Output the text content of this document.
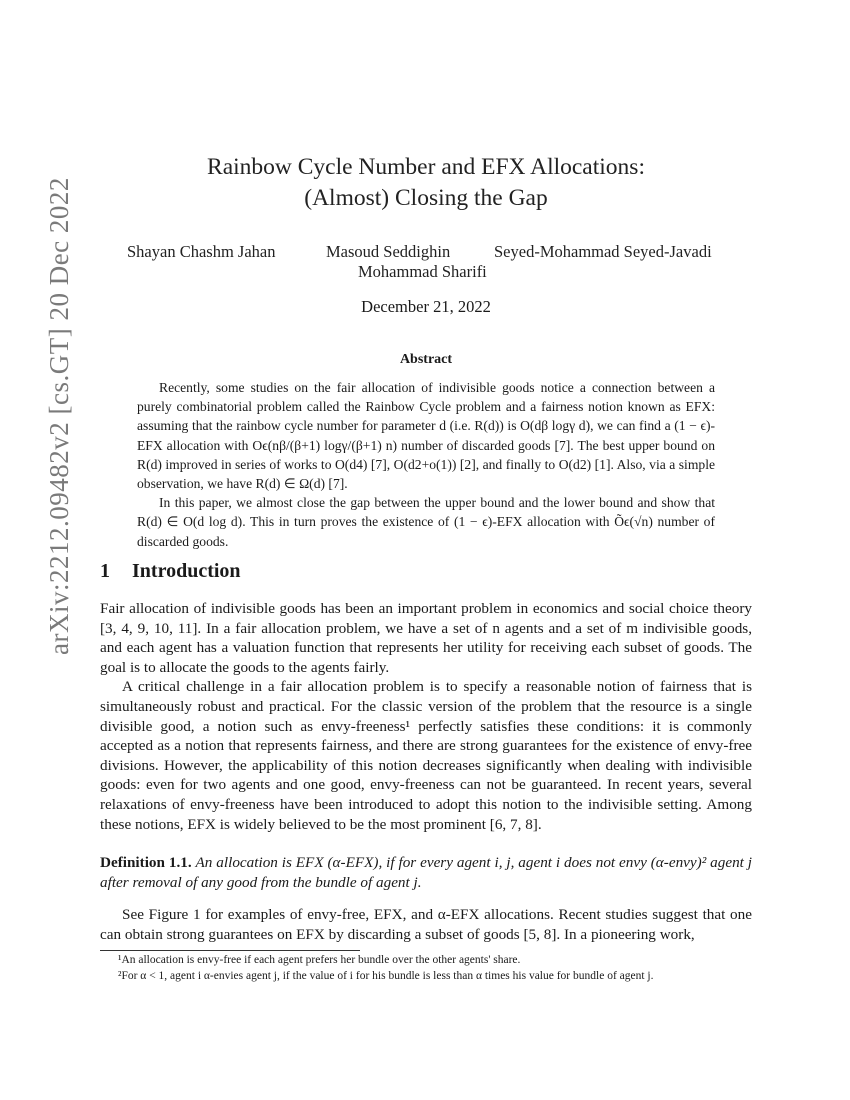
arXiv:2212.09482v2 [cs.GT] 20 Dec 2022
Rainbow Cycle Number and EFX Allocations:
(Almost) Closing the Gap
Shayan Chashm Jahan	Masoud Seddighin	Seyed-Mohammad Seyed-Javadi
Mohammad Sharifi
December 21, 2022
Abstract

Recently, some studies on the fair allocation of indivisible goods notice a connection between a purely combinatorial problem called the Rainbow Cycle problem and a fairness notion known as EFX: assuming that the rainbow cycle number for parameter d (i.e. R(d)) is O(dβ logγ d), we can find a (1 − ϵ)-EFX allocation with Oϵ(nβ/(β+1) logγ/(β+1) n) number of discarded goods [7]. The best upper bound on R(d) improved in series of works to O(d4) [7], O(d2+o(1)) [2], and finally to O(d2) [1]. Also, via a simple observation, we have R(d) ∈ Ω(d) [7].

In this paper, we almost close the gap between the upper bound and the lower bound and show that R(d) ∈ O(d log d). This in turn proves the existence of (1 − ϵ)-EFX allocation with Õϵ(√n) number of discarded goods.

1 Introduction

Fair allocation of indivisible goods has been an important problem in economics and social choice theory [3, 4, 9, 10, 11]. In a fair allocation problem, we have a set of n agents and a set of m indivisible goods, and each agent has a valuation function that represents her utility for receiving each subset of goods. The goal is to allocate the goods to the agents fairly.

A critical challenge in a fair allocation problem is to specify a reasonable notion of fairness that is simultaneously robust and practical. For the classic version of the problem that the resource is a single divisible good, a notion such as envy-freeness¹ perfectly satisfies these conditions: it is commonly accepted as a notion that represents fairness, and there are strong guarantees for the existence of envy-free divisions. However, the applicability of this notion decreases significantly when dealing with indivisible goods: even for two agents and one good, envy-freeness can not be guaranteed. In recent years, several relaxations of envy-freeness have been introduced to adopt this notion to the indivisible setting. Among these notions, EFX is widely believed to be the most prominent [6, 7, 8].

Definition 1.1. An allocation is EFX (α-EFX), if for every agent i, j, agent i does not envy (α-envy)² agent j after removal of any good from the bundle of agent j.

See Figure 1 for examples of envy-free, EFX, and α-EFX allocations. Recent studies suggest that one can obtain strong guarantees on EFX by discarding a subset of goods [5, 8]. In a pioneering work,

¹An allocation is envy-free if each agent prefers her bundle over the other agents' share.

²For α < 1, agent i α-envies agent j, if the value of i for his bundle is less than α times his value for bundle of agent j.
